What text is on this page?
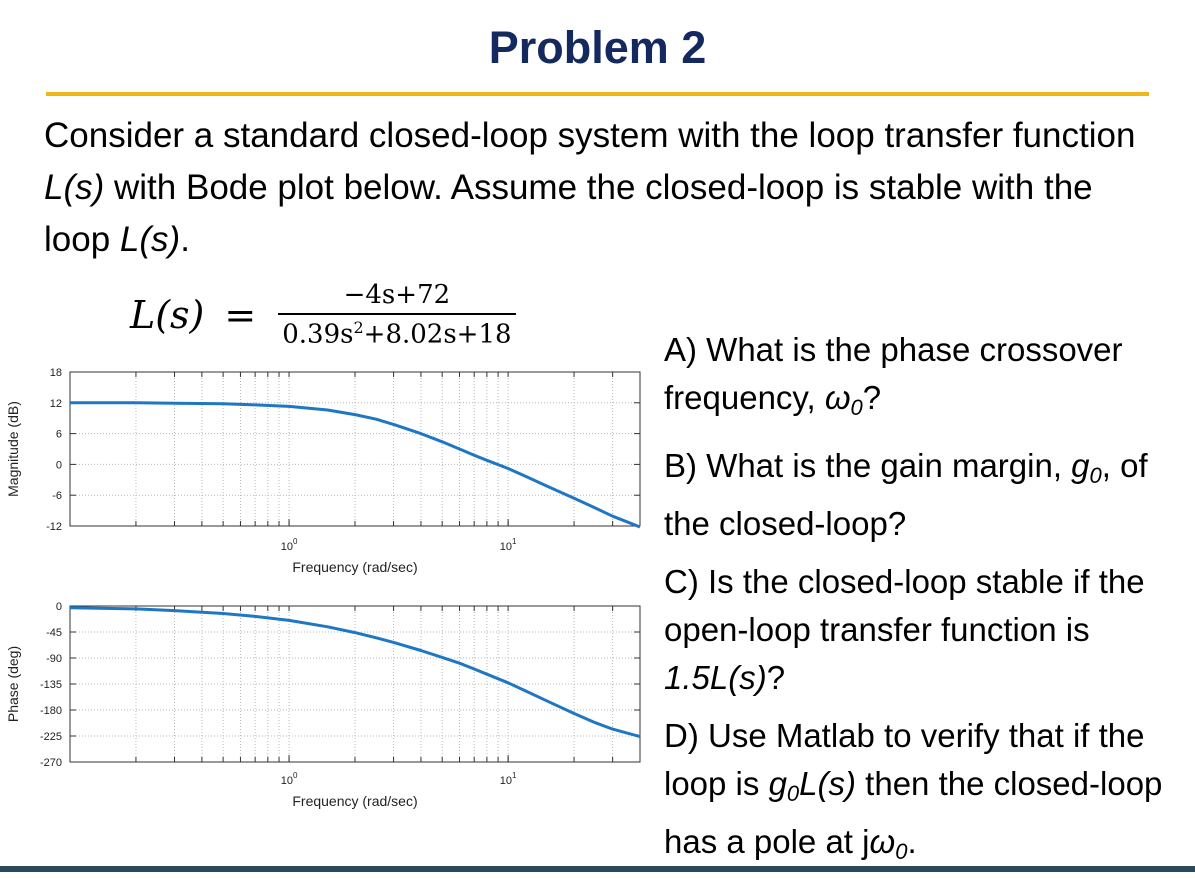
Problem 2
Consider a standard closed-loop system with the loop transfer function L(s) with Bode plot below. Assume the closed-loop is stable with the loop L(s).
$L(s) = \frac{-4s+72}{0.39s^2+8.02s+18}$
-12
-6
0
6
12
18
$10^0$	$10^1$
Frequency (rad/sec)
Magnitude (dB)
-270
-225
-180
-135
-90
-45
0
$10^0$	$10^1$
Frequency (rad/sec)
Phase (deg)
A) What is the phase crossover frequency, $\omega_0$?
B) What is the gain margin, $g_0$, of the closed-loop?
C) Is the closed-loop stable if the open-loop transfer function is 1.5L(s)?
D) Use Matlab to verify that if the loop is $g_0L(s)$ then the closed-loop has a pole at $j\omega_0$.
